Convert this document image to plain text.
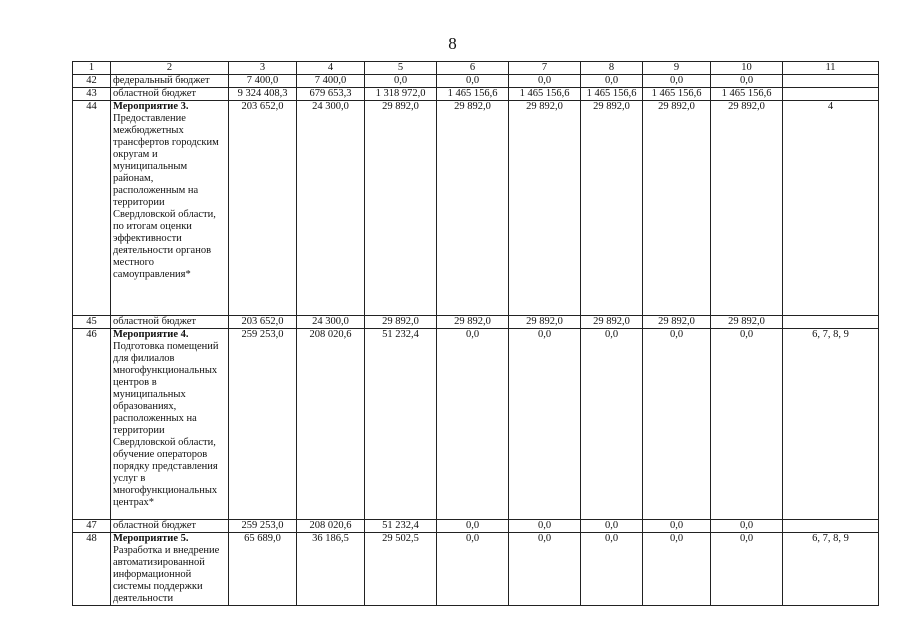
8
1	2	3	4	5	6	7	8	9	10	11
42	федеральный бюджет	7 400,0	7 400,0	0,0	0,0	0,0	0,0	0,0	0,0	
43	областной бюджет	9 324 408,3	679 653,3	1 318 972,0	1 465 156,6	1 465 156,6	1 465 156,6	1 465 156,6	1 465 156,6	
44	Мероприятие 3.
Предоставление межбюджетных трансфертов городским округам и муниципальным районам, расположенным на территории Свердловской области, по итогам оценки эффективности деятельности органов местного самоуправления*	203 652,0	24 300,0	29 892,0	29 892,0	29 892,0	29 892,0	29 892,0	29 892,0	4
45	областной бюджет	203 652,0	24 300,0	29 892,0	29 892,0	29 892,0	29 892,0	29 892,0	29 892,0	
46	Мероприятие 4.
Подготовка помещений для филиалов многофункциональных центров в муниципальных образованиях, расположенных на территории Свердловской области, обучение операторов порядку представления услуг в многофункциональных центрах*	259 253,0	208 020,6	51 232,4	0,0	0,0	0,0	0,0	0,0	6, 7, 8, 9
47	областной бюджет	259 253,0	208 020,6	51 232,4	0,0	0,0	0,0	0,0	0,0	
48	Мероприятие 5.
Разработка и внедрение автоматизированной информационной системы поддержки деятельности	65 689,0	36 186,5	29 502,5	0,0	0,0	0,0	0,0	0,0	6, 7, 8, 9
